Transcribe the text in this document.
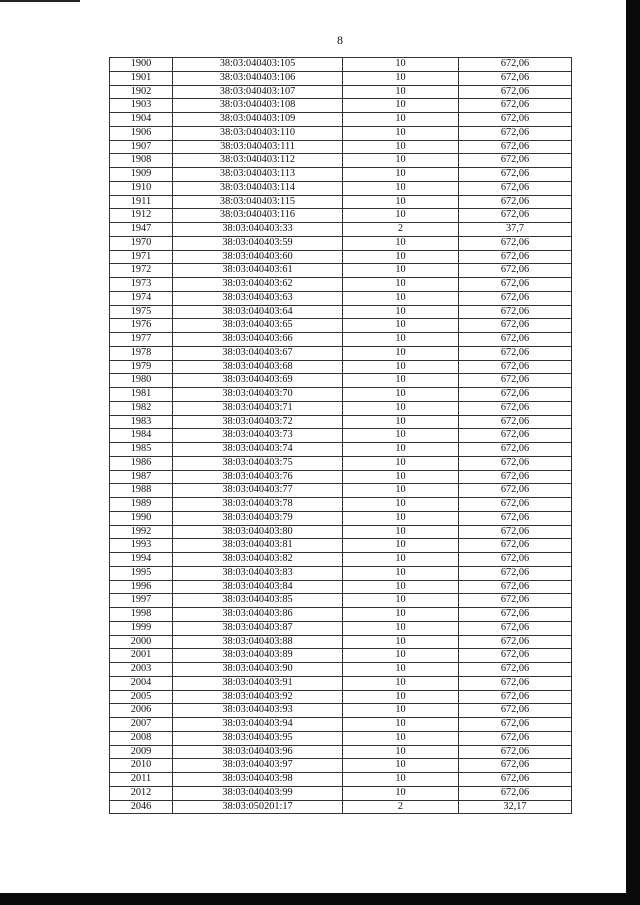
8
1900	38:03:040403:105	10	672,06
1901	38:03:040403:106	10	672,06
1902	38:03:040403:107	10	672,06
1903	38:03:040403:108	10	672,06
1904	38:03:040403:109	10	672,06
1906	38:03:040403:110	10	672,06
1907	38:03:040403:111	10	672,06
1908	38:03:040403:112	10	672,06
1909	38:03:040403:113	10	672,06
1910	38:03:040403:114	10	672,06
1911	38:03:040403:115	10	672,06
1912	38:03:040403:116	10	672,06
1947	38:03:040403:33	2	37,7
1970	38:03:040403:59	10	672,06
1971	38:03:040403:60	10	672,06
1972	38:03:040403:61	10	672,06
1973	38:03:040403:62	10	672,06
1974	38:03:040403:63	10	672,06
1975	38:03:040403:64	10	672,06
1976	38:03:040403:65	10	672,06
1977	38:03:040403:66	10	672,06
1978	38:03:040403:67	10	672,06
1979	38:03:040403:68	10	672,06
1980	38:03:040403:69	10	672,06
1981	38:03:040403:70	10	672,06
1982	38:03:040403:71	10	672,06
1983	38:03:040403:72	10	672,06
1984	38:03:040403:73	10	672,06
1985	38:03:040403:74	10	672,06
1986	38:03:040403:75	10	672,06
1987	38:03:040403:76	10	672,06
1988	38:03:040403:77	10	672,06
1989	38:03:040403:78	10	672,06
1990	38:03:040403:79	10	672,06
1992	38:03:040403:80	10	672,06
1993	38:03:040403:81	10	672,06
1994	38:03:040403:82	10	672,06
1995	38:03:040403:83	10	672,06
1996	38:03:040403:84	10	672,06
1997	38:03:040403:85	10	672,06
1998	38:03:040403:86	10	672,06
1999	38:03:040403:87	10	672,06
2000	38:03:040403:88	10	672,06
2001	38:03:040403:89	10	672,06
2003	38:03:040403:90	10	672,06
2004	38:03:040403:91	10	672,06
2005	38:03:040403:92	10	672,06
2006	38:03:040403:93	10	672,06
2007	38:03:040403:94	10	672,06
2008	38:03:040403:95	10	672,06
2009	38:03:040403:96	10	672,06
2010	38:03:040403:97	10	672,06
2011	38:03:040403:98	10	672,06
2012	38:03:040403:99	10	672,06
2046	38:03:050201:17	2	32,17
